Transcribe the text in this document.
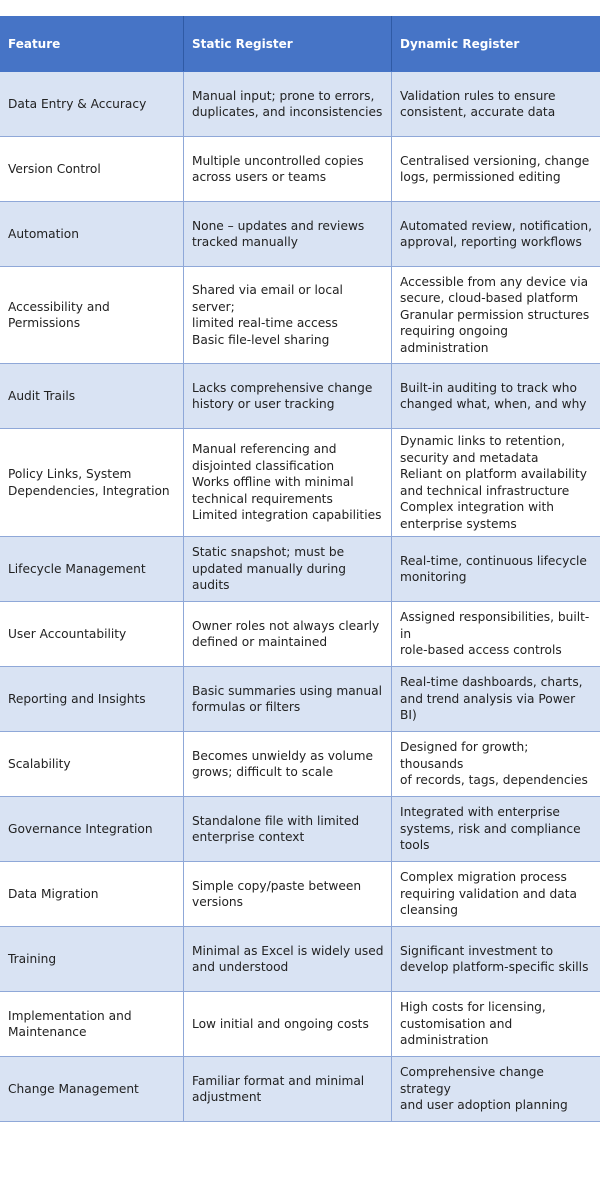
Feature	Static Register	Dynamic Register
Data Entry & Accuracy
Manual input; prone to errors,
duplicates, and inconsistencies
Validation rules to ensure
consistent, accurate data
Version Control
Multiple uncontrolled copies
across users or teams
Centralised versioning, change
logs, permissioned editing
Automation
None – updates and reviews
tracked manually
Automated review, notification,
approval, reporting workflows
Accessibility and
Permissions
Shared via email or local server;
limited real-time access
Basic file-level sharing
Accessible from any device via
secure, cloud-based platform
Granular permission structures
requiring ongoing administration
Audit Trails
Lacks comprehensive change
history or user tracking
Built-in auditing to track who
changed what, when, and why
Policy Links, System
Dependencies, Integration
Manual referencing and
disjointed classification
Works offline with minimal
technical requirements
Limited integration capabilities
Dynamic links to retention,
security and metadata
Reliant on platform availability
and technical infrastructure
Complex integration with
enterprise systems
Lifecycle Management
Static snapshot; must be
updated manually during audits
Real-time, continuous lifecycle
monitoring
User Accountability
Owner roles not always clearly
defined or maintained
Assigned responsibilities, built-in
role-based access controls
Reporting and Insights
Basic summaries using manual
formulas or filters
Real-time dashboards, charts,
and trend analysis via Power BI)
Scalability
Becomes unwieldy as volume
grows; difficult to scale
Designed for growth; thousands
of records, tags, dependencies
Governance Integration
Standalone file with limited
enterprise context
Integrated with enterprise
systems, risk and compliance
tools
Data Migration
Simple copy/paste between
versions
Complex migration process
requiring validation and data
cleansing
Training
Minimal as Excel is widely used
and understood
Significant investment to
develop platform-specific skills
Implementation and
Maintenance
Low initial and ongoing costs
High costs for licensing,
customisation and
administration
Change Management
Familiar format and minimal
adjustment
Comprehensive change strategy
and user adoption planning
